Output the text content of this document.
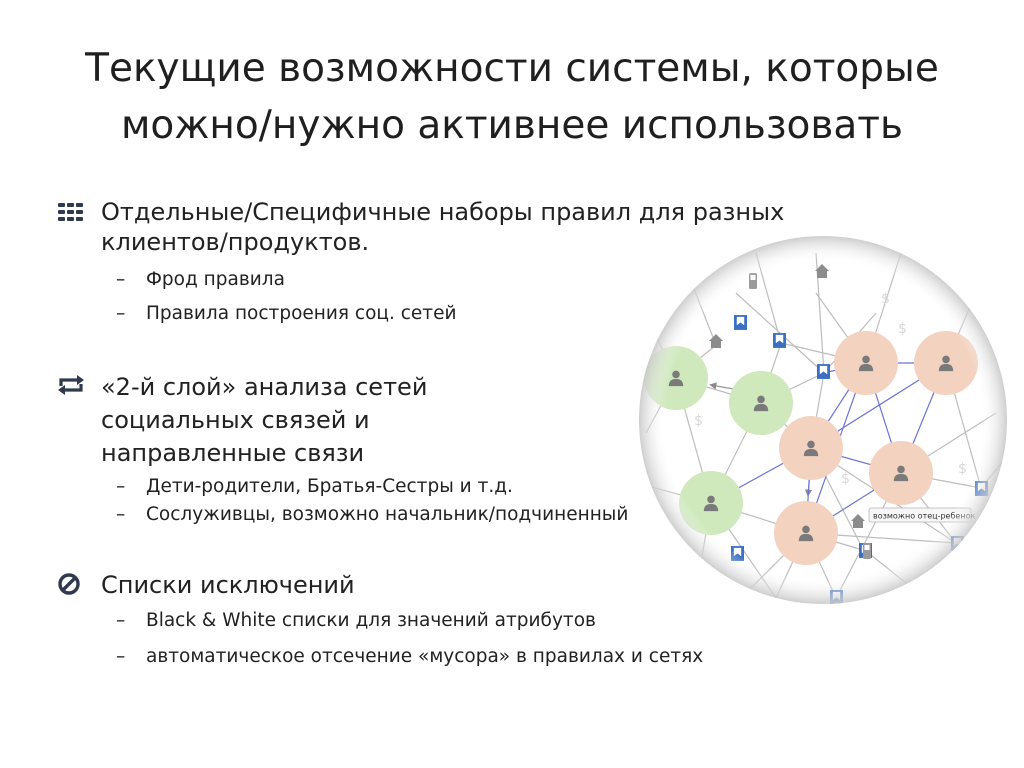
Текущие возможности системы, которые
можно/нужно активнее использовать
Отдельные/Специфичные наборы правил для разных
клиентов/продуктов.
– Фрод правила
– Правила построения соц. сетей
«2-й слой» анализа сетей
социальных связей и
направленные связи
– Дети-родители, Братья-Сестры и т.д.
– Сослуживцы, возможно начальник/подчиненный
Списки исключений
– Black & White списки для значений атрибутов
– автоматическое отсечение «мусора» в правилах и сетях
